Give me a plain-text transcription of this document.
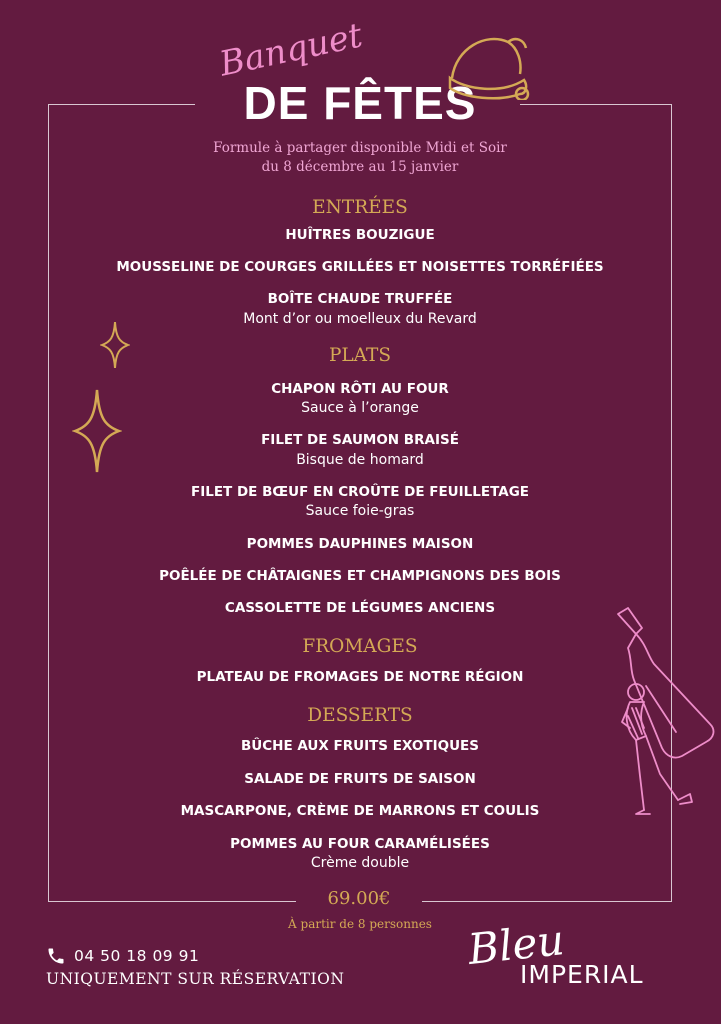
Banquet
DE FÊTES
Formule à partager disponible Midi et Soir
du 8 décembre au 15 janvier
ENTRÉES
HUÎTRES BOUZIGUE
MOUSSELINE DE COURGES GRILLÉES ET NOISETTES TORRÉFIÉES
BOÎTE CHAUDE TRUFFÉE
Mont d’or ou moelleux du Revard
PLATS
CHAPON RÔTI AU FOUR
Sauce à l’orange
FILET DE SAUMON BRAISÉ
Bisque de homard
FILET DE BŒUF EN CROÛTE DE FEUILLETAGE
Sauce foie-gras
POMMES DAUPHINES MAISON
POÊLÉE DE CHÂTAIGNES ET CHAMPIGNONS DES BOIS
CASSOLETTE DE LÉGUMES ANCIENS
FROMAGES
PLATEAU DE FROMAGES DE NOTRE RÉGION
DESSERTS
BÛCHE AUX FRUITS EXOTIQUES
SALADE DE FRUITS DE SAISON
MASCARPONE, CRÈME DE MARRONS ET COULIS
POMMES AU FOUR CARAMÉLISÉES
Crème double
69.00€
À partir de 8 personnes
04 50 18 09 91
UNIQUEMENT SUR RÉSERVATION
Bleu
IMPERIAL
